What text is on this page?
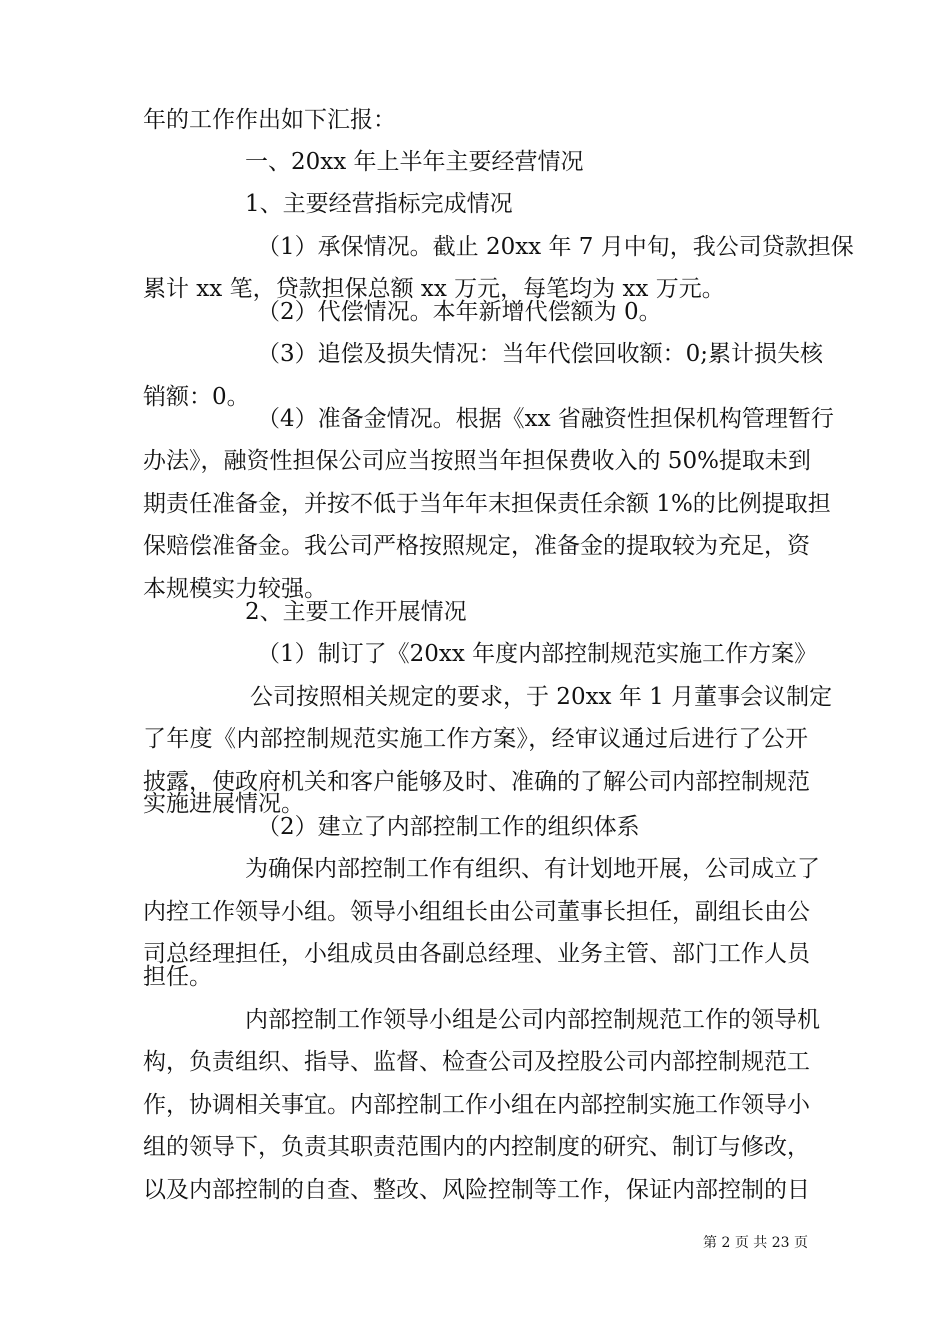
年的工作作出如下汇报：
一、20xx 年上半年主要经营情况
1、主要经营指标完成情况
（1）承保情况。截止 20xx 年 7 月中旬，我公司贷款担保
累计 xx 笔，贷款担保总额 xx 万元，每笔均为 xx 万元。
（2）代偿情况。本年新增代偿额为 0。
（3）追偿及损失情况：当年代偿回收额：0;累计损失核
销额：0。
（4）准备金情况。根据《xx 省融资性担保机构管理暂行
办法》，融资性担保公司应当按照当年担保费收入的 50%提取未到
期责任准备金，并按不低于当年年末担保责任余额 1%的比例提取担
保赔偿准备金。我公司严格按照规定，准备金的提取较为充足，资
本规模实力较强。
2、主要工作开展情况
（1）制订了《20xx 年度内部控制规范实施工作方案》
公司按照相关规定的要求，于 20xx 年 1 月董事会议制定
了年度《内部控制规范实施工作方案》，经审议通过后进行了公开
披露，使政府机关和客户能够及时、准确的了解公司内部控制规范
实施进展情况。
（2）建立了内部控制工作的组织体系
为确保内部控制工作有组织、有计划地开展，公司成立了
内控工作领导小组。领导小组组长由公司董事长担任，副组长由公
司总经理担任，小组成员由各副总经理、业务主管、部门工作人员
担任。
内部控制工作领导小组是公司内部控制规范工作的领导机
构，负责组织、指导、监督、检查公司及控股公司内部控制规范工
作，协调相关事宜。内部控制工作小组在内部控制实施工作领导小
组的领导下，负责其职责范围内的内控制度的研究、制订与修改，
以及内部控制的自查、整改、风险控制等工作，保证内部控制的日
第 2 页 共 23 页
